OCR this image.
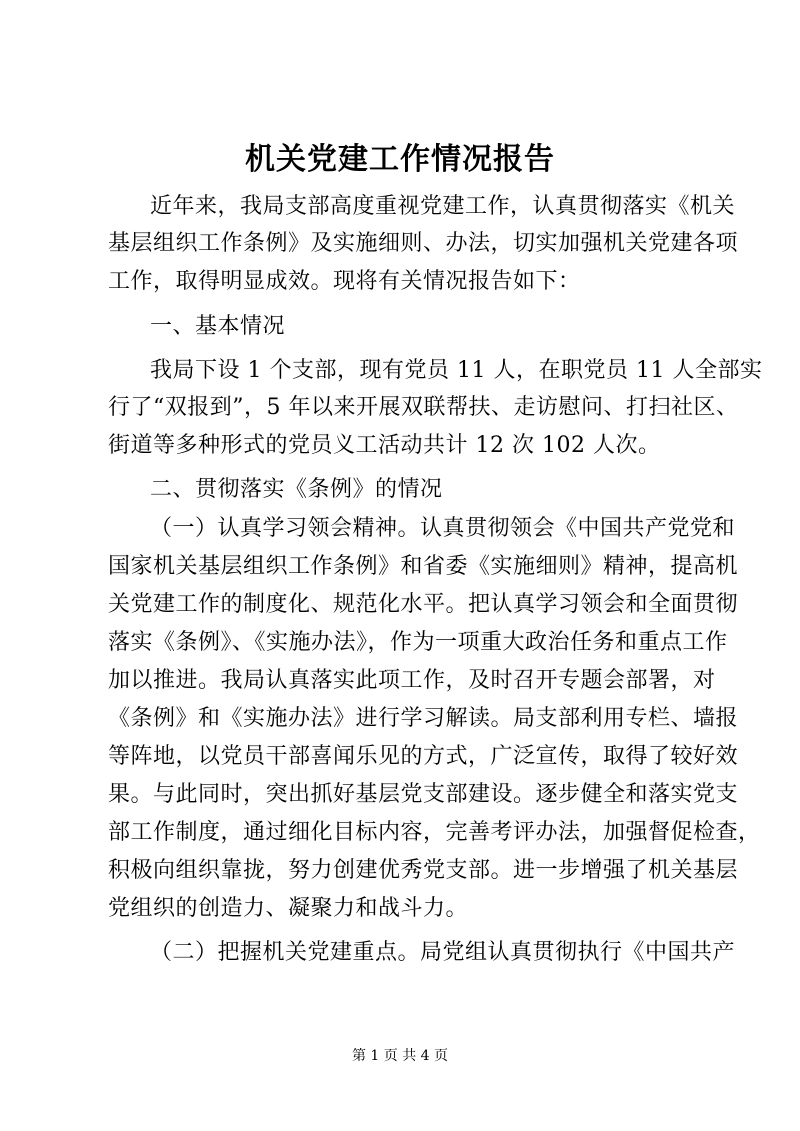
机关党建工作情况报告
近年来，我局支部高度重视党建工作，认真贯彻落实《机关
基层组织工作条例》及实施细则、办法，切实加强机关党建各项
工作，取得明显成效。现将有关情况报告如下：
一、基本情况
我局下设 1 个支部，现有党员 11 人，在职党员 11 人全部实
行了“双报到”，5 年以来开展双联帮扶、走访慰问、打扫社区、
街道等多种形式的党员义工活动共计 12 次 102 人次。
二、贯彻落实《条例》的情况
（一）认真学习领会精神。认真贯彻领会《中国共产党党和
国家机关基层组织工作条例》和省委《实施细则》精神，提高机
关党建工作的制度化、规范化水平。把认真学习领会和全面贯彻
落实《条例》、《实施办法》，作为一项重大政治任务和重点工作
加以推进。我局认真落实此项工作，及时召开专题会部署，对
《条例》和《实施办法》进行学习解读。局支部利用专栏、墙报
等阵地，以党员干部喜闻乐见的方式，广泛宣传，取得了较好效
果。与此同时，突出抓好基层党支部建设。逐步健全和落实党支
部工作制度，通过细化目标内容，完善考评办法，加强督促检查，
积极向组织靠拢，努力创建优秀党支部。进一步增强了机关基层
党组织的创造力、凝聚力和战斗力。
（二）把握机关党建重点。局党组认真贯彻执行《中国共产
第 1 页 共 4 页
